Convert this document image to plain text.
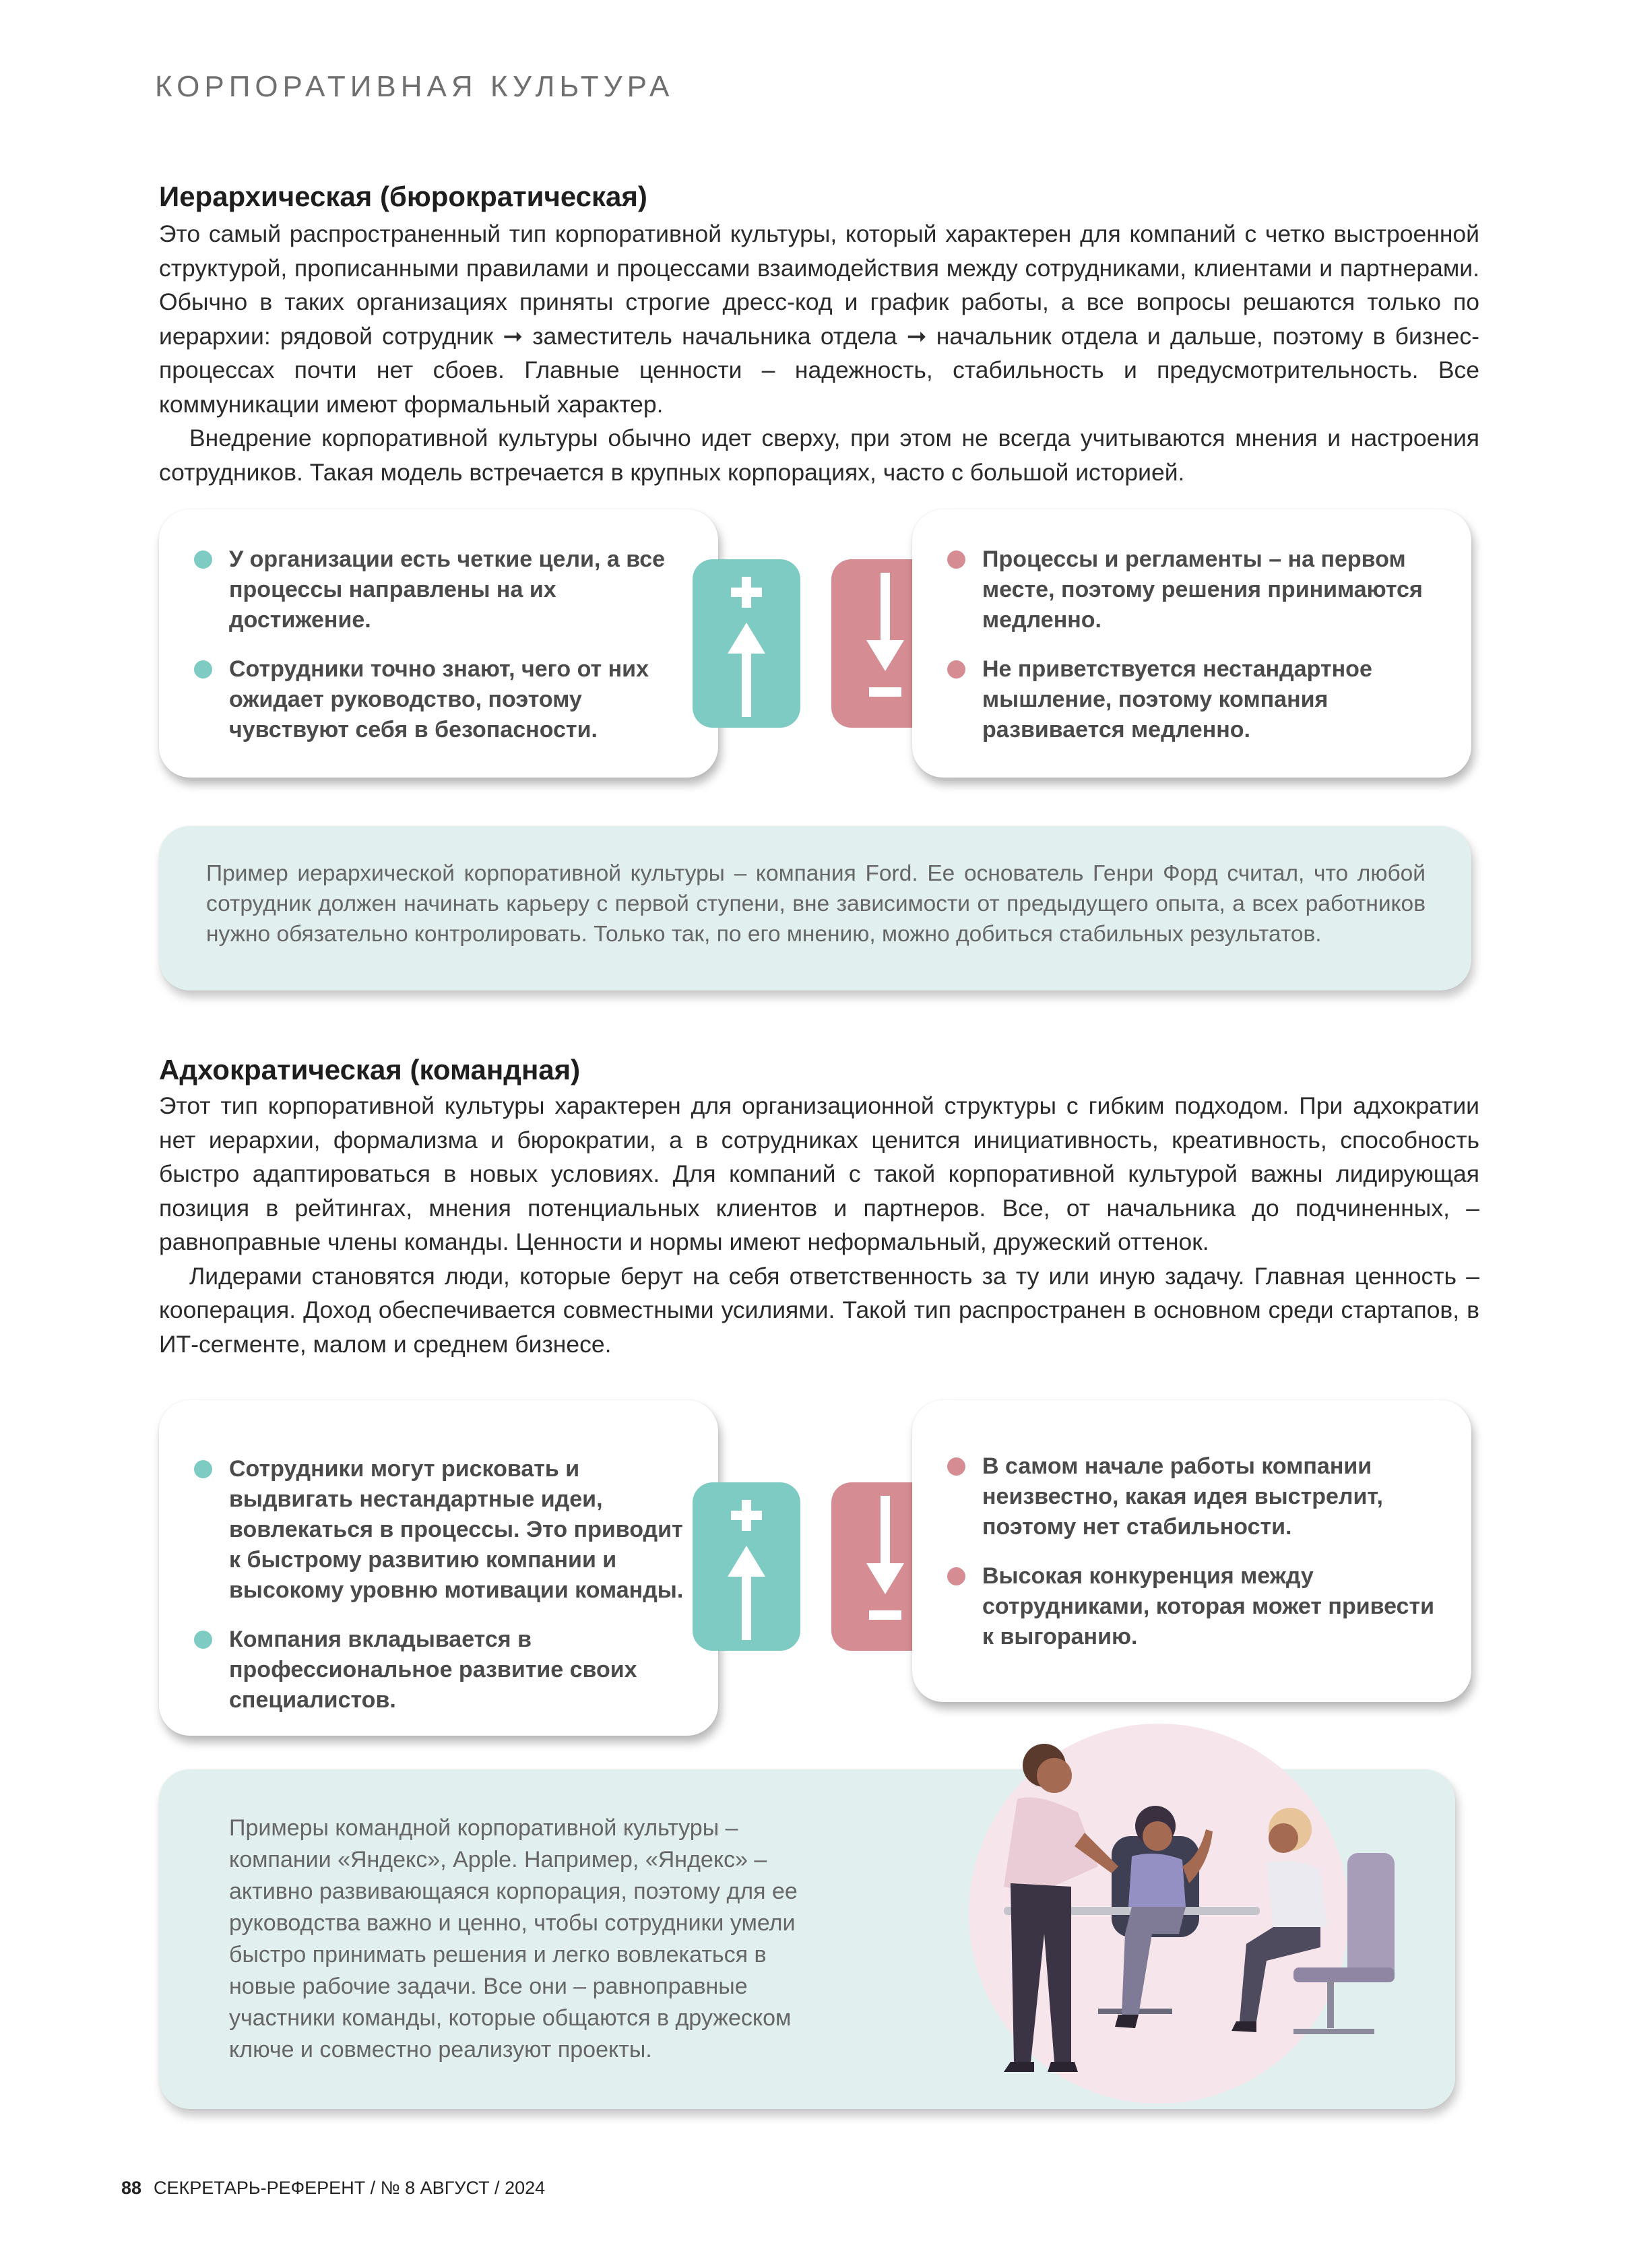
КОРПОРАТИВНАЯ КУЛЬТУРА
Иерархическая (бюрократическая)

Это самый распространенный тип корпоративной культуры, который характерен для компаний с четко выстроенной структурой, прописанными правилами и процессами взаимодействия между сотрудниками, клиентами и партнерами. Обычно в таких организациях приняты строгие дресс-код и график работы, а все вопросы решаются только по иерархии: рядовой сотрудник ➞ заместитель начальника отдела ➞ начальник отдела и дальше, поэтому в бизнес-процессах почти нет сбоев. Главные ценности – надежность, стабильность и предусмотрительность. Все коммуникации имеют формальный характер.

Внедрение корпоративной культуры обычно идет сверху, при этом не всегда учитываются мнения и настроения сотрудников. Такая модель встречается в крупных корпорациях, часто с большой историей.

У организации есть четкие цели, а все процессы направлены на их достижение.
Сотрудники точно знают, чего от них ожидает руководство, поэтому чувствуют себя в безопасности.
Процессы и регламенты – на первом месте, поэтому решения принимаются медленно.
Не приветствуется нестандартное мышление, поэтому компания развивается медленно.

Пример иерархической корпоративной культуры – компания Ford. Ее основатель Генри Форд считал, что любой сотрудник должен начинать карьеру с первой ступени, вне зависимости от предыдущего опыта, а всех работников нужно обязательно контролировать. Только так, по его мнению, можно добиться стабильных результатов.

Адхократическая (командная)

Этот тип корпоративной культуры характерен для организационной структуры с гибким подходом. При адхократии нет иерархии, формализма и бюрократии, а в сотрудниках ценится инициативность, креативность, способность быстро адаптироваться в новых условиях. Для компаний с такой корпоративной культурой важны лидирующая позиция в рейтингах, мнения потенциальных клиентов и партнеров. Все, от начальника до подчиненных, – равноправные члены команды. Ценности и нормы имеют неформальный, дружеский оттенок.

Лидерами становятся люди, которые берут на себя ответственность за ту или иную задачу. Главная ценность – кооперация. Доход обеспечивается совместными усилиями. Такой тип распространен в основном среди стартапов, в ИТ-сегменте, малом и среднем бизнесе.

Сотрудники могут рисковать и выдвигать нестандартные идеи, вовлекаться в процессы. Это приводит к быстрому развитию компании и высокому уровню мотивации команды.
Компания вкладывается в профессиональное развитие своих специалистов.
В самом начале работы компании неизвестно, какая идея выстрелит, поэтому нет стабильности.
Высокая конкуренция между сотрудниками, которая может привести к выгоранию.

Примеры командной корпоративной культуры – компании «Яндекс», Apple. Например, «Яндекс» – активно развивающаяся корпорация, поэтому для ее руководства важно и ценно, чтобы сотрудники умели быстро принимать решения и легко вовлекаться в новые рабочие задачи. Все они – равноправные участники команды, которые общаются в дружеском ключе и совместно реализуют проекты.

88 СЕКРЕТАРЬ-РЕФЕРЕНТ / № 8 АВГУСТ / 2024
